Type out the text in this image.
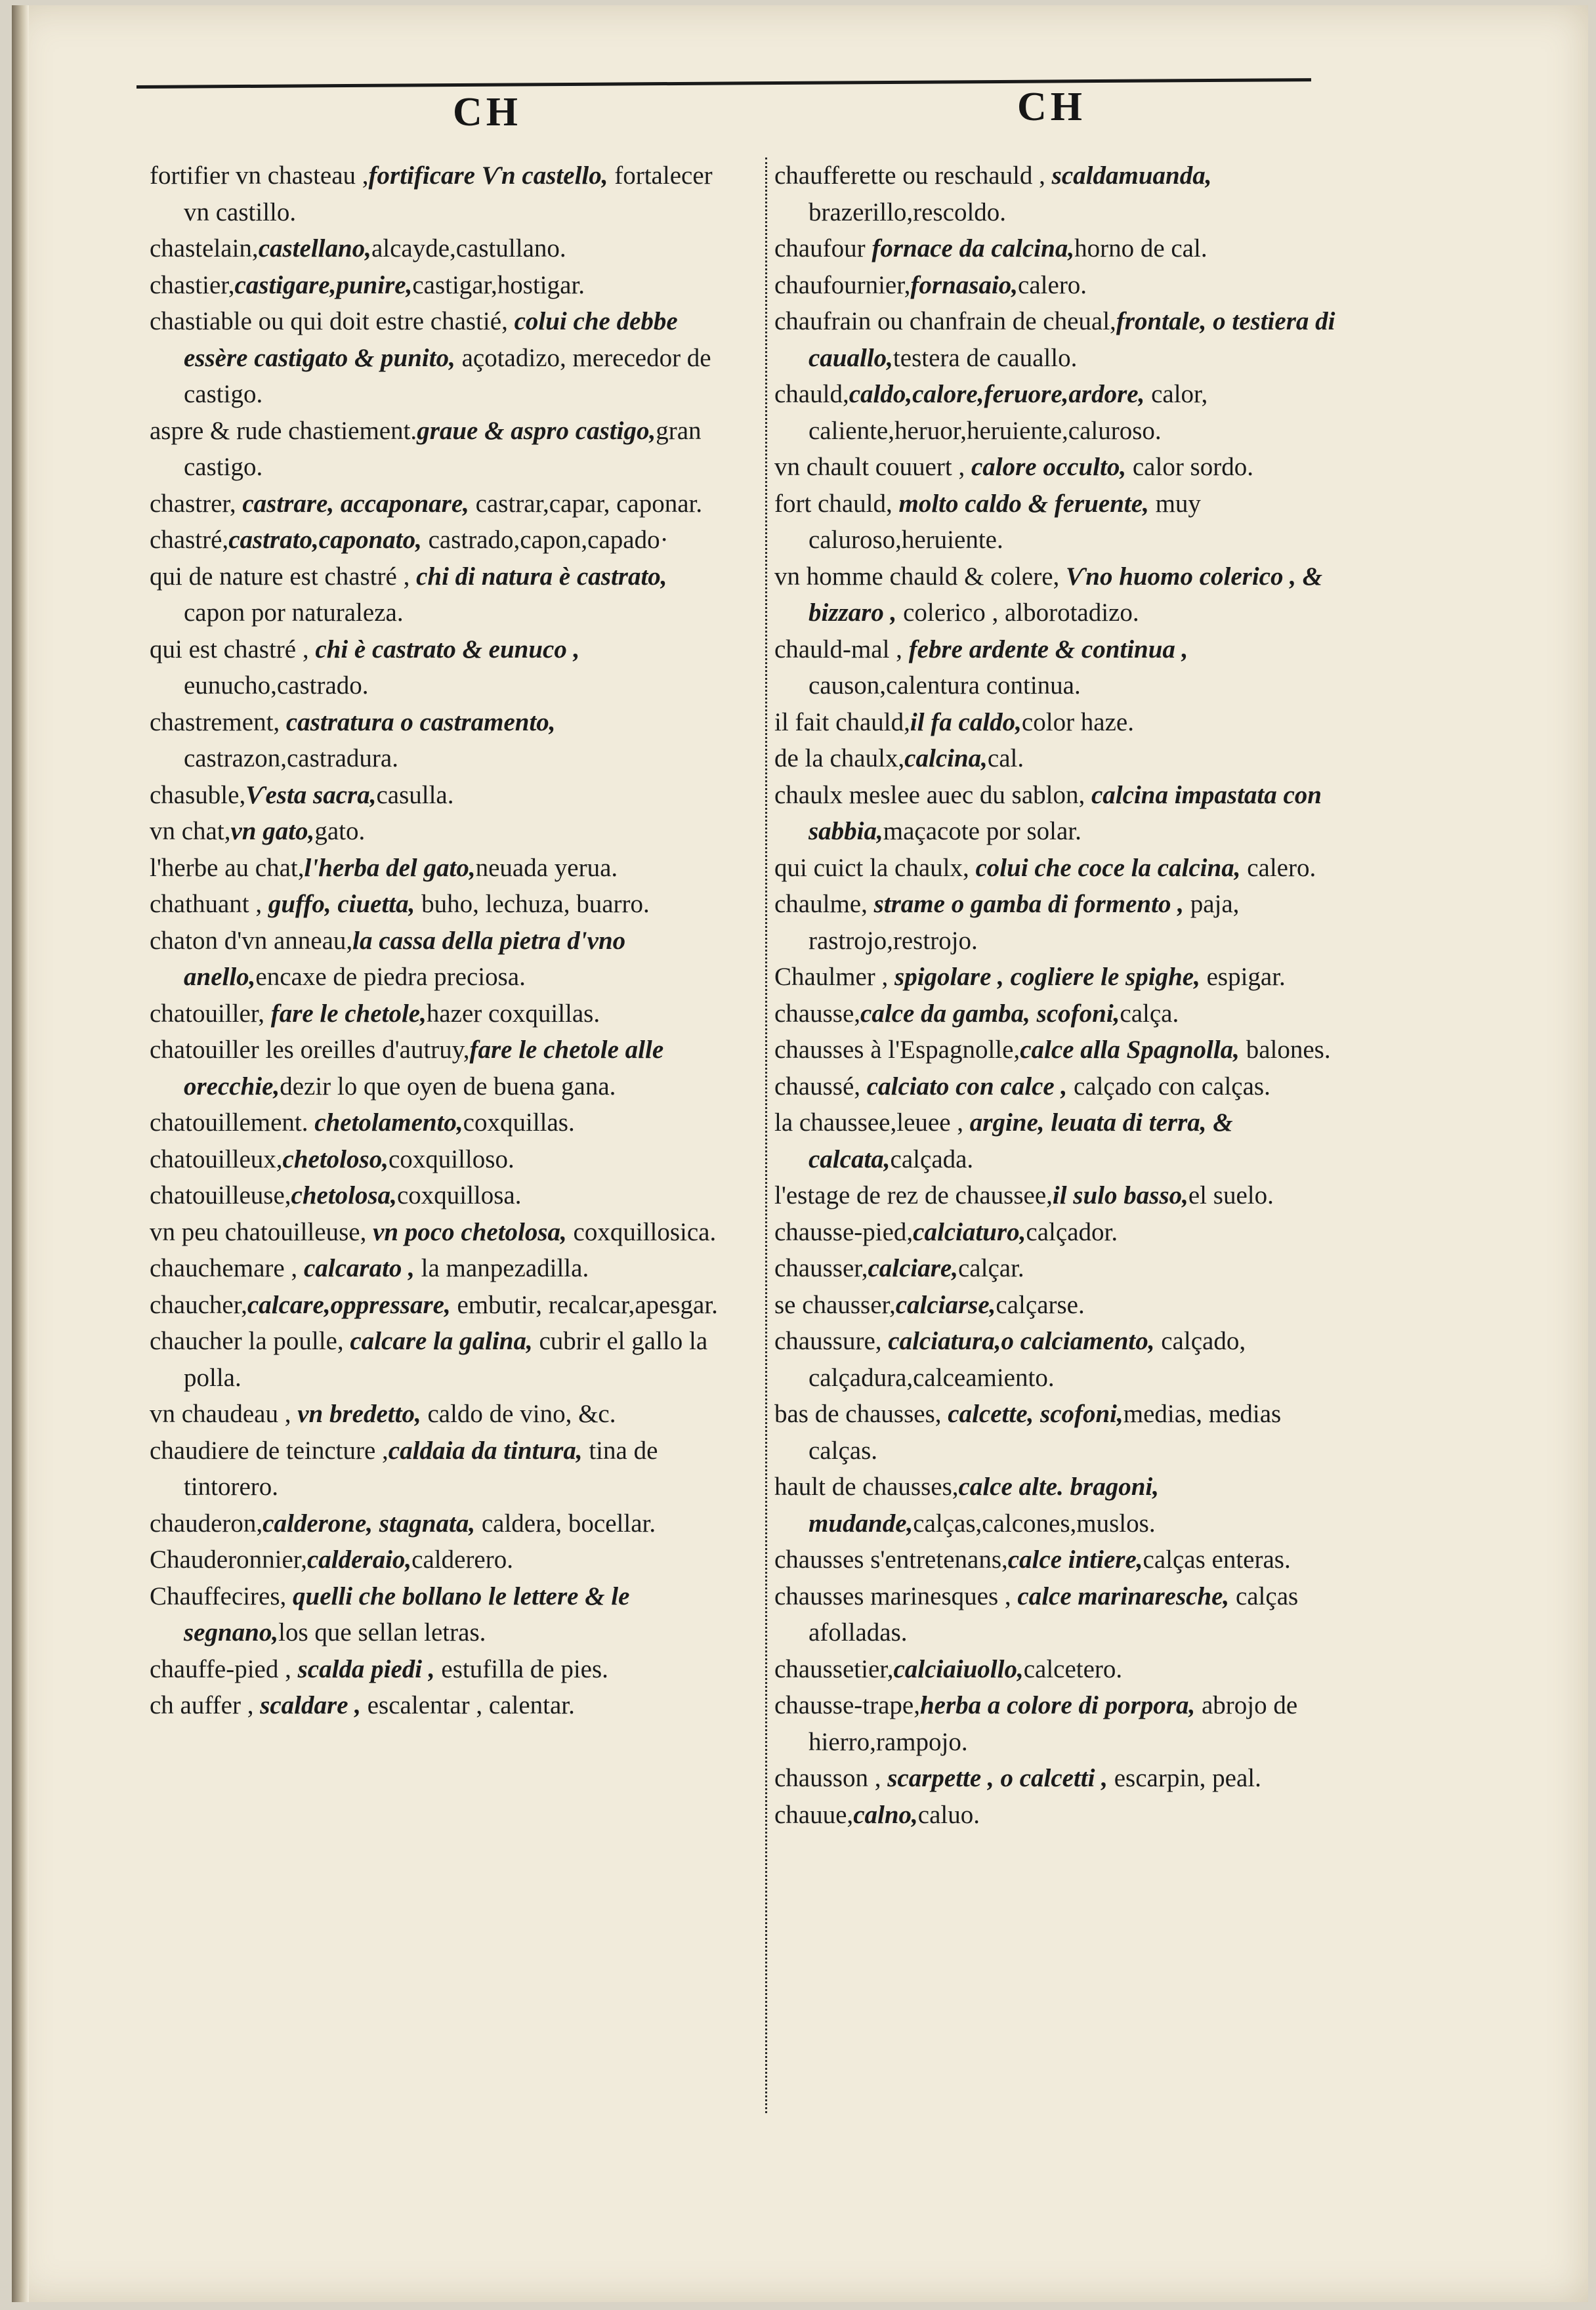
CH	CH
fortifier vn chasteau ,fortificare Ѵn castello, fortalecer vn castillo.
chastelain,castellano,alcayde,castullano.
chastier,castigare,punire,castigar,hostigar.
chastiable ou qui doit estre chastié, colui che debbe essère castigato & punito, açotadizo, merecedor de castigo.
aspre & rude chastiement.graue & aspro castigo,gran castigo.
chastrer, castrare, accaponare, castrar,capar, caponar.
chastré,castrato,caponato, castrado,capon,capado·
qui de nature est chastré , chi di natura è castrato, capon por naturaleza.
qui est chastré , chi è castrato & eunuco , eunucho,castrado.
chastrement, castratura o castramento, castrazon,castradura.
chasuble,Ѵesta sacra,casulla.
vn chat,vn gato,gato.
l'herbe au chat,l'herba del gato,neuada yerua.
chathuant , guffo, ciuetta, buho, lechuza, buarro.
chaton d'vn anneau,la cassa della pietra d'vno anello,encaxe de piedra preciosa.
chatouiller, fare le chetole,hazer coxquillas.
chatouiller les oreilles d'autruy,fare le chetole alle orecchie,dezir lo que oyen de buena gana.
chatouillement. chetolamento,coxquillas.
chatouilleux,chetoloso,coxquilloso.
chatouilleuse,chetolosa,coxquillosa.
vn peu chatouilleuse, vn poco chetolosa, coxquillosica.
chauchemare , calcarato , la manpezadilla.
chaucher,calcare,oppressare, embutir, recalcar,apesgar.
chaucher la poulle, calcare la galina, cubrir el gallo la polla.
vn chaudeau , vn bredetto, caldo de vino, &c.
chaudiere de teincture ,caldaia da tintura, tina de tintorero.
chauderon,calderone, stagnata, caldera, bocellar.
Chauderonnier,calderaio,calderero.
Chauffecires, quelli che bollano le lettere & le segnano,los que sellan letras.
chauffe-pied , scalda piedi , estufilla de pies.
ch auffer , scaldare , escalentar , calentar.
chaufferette ou reschauld , scaldamuanda, brazerillo,rescoldo.
chaufour fornace da calcina,horno de cal.
chaufournier,fornasaio,calero.
chaufrain ou chanfrain de cheual,frontale, o testiera di cauallo,testera de cauallo.
chauld,caldo,calore,feruore,ardore, calor, caliente,heruor,heruiente,caluroso.
vn chault couuert , calore occulto, calor sordo.
fort chauld, molto caldo & feruente, muy caluroso,heruiente.
vn homme chauld & colere, Ѵno huomo colerico , & bizzaro , colerico , alborotadizo.
chauld-mal , febre ardente & continua , causon,calentura continua.
il fait chauld,il fa caldo,color haze.
de la chaulx,calcina,cal.
chaulx meslee auec du sablon, calcina impastata con sabbia,maçacote por solar.
qui cuict la chaulx, colui che coce la calcina, calero.
chaulme, strame o gamba di formento , paja, rastrojo,restrojo.
Chaulmer , spigolare , cogliere le spighe, espigar.
chausse,calce da gamba, scofoni,calça.
chausses à l'Espagnolle,calce alla Spagnolla, balones.
chaussé, calciato con calce , calçado con calças.
la chaussee,leuee , argine, leuata di terra, & calcata,calçada.
l'estage de rez de chaussee,il sulo basso,el suelo.
chausse-pied,calciaturo,calçador.
chausser,calciare,calçar.
se chausser,calciarse,calçarse.
chaussure, calciatura,o calciamento, calçado, calçadura,calceamiento.
bas de chausses, calcette, scofoni,medias, medias calças.
hault de chausses,calce alte. bragoni, mudande,calças,calcones,muslos.
chausses s'entretenans,calce intiere,calças enteras.
chausses marinesques , calce marinaresche, calças afolladas.
chaussetier,calciaiuollo,calcetero.
chausse-trape,herba a colore di porpora, abrojo de hierro,rampojo.
chausson , scarpette , o calcetti , escarpin, peal.
chauue,calno,caluo.
